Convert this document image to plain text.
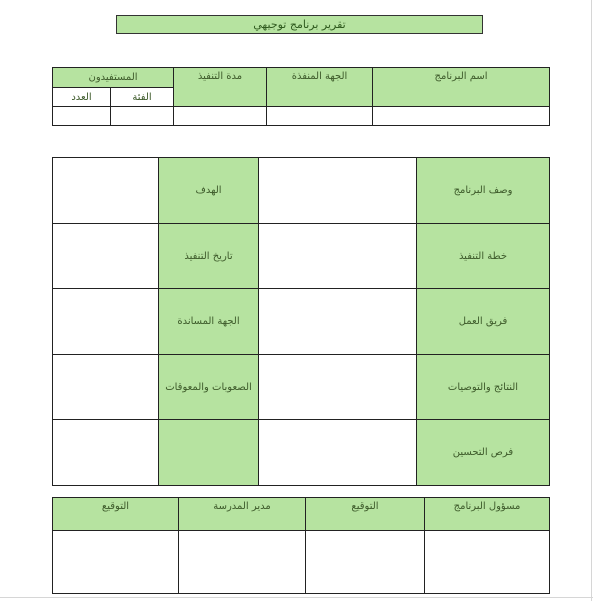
تقرير برنامج توجيهي
اسم البرنامج	الجهة المنفذة	مدة التنفيذ	المستفيدون	
			الفئة	العدد

وصف البرنامج		الهدف	
خطة التنفيذ		تاريخ التنفيذ	
فريق العمل		الجهة المساندة	
النتائج والتوصيات		الصعوبات والمعوقات	
فرص التحسين			
مسؤول البرنامج	التوقيع	مدير المدرسة	التوقيع
